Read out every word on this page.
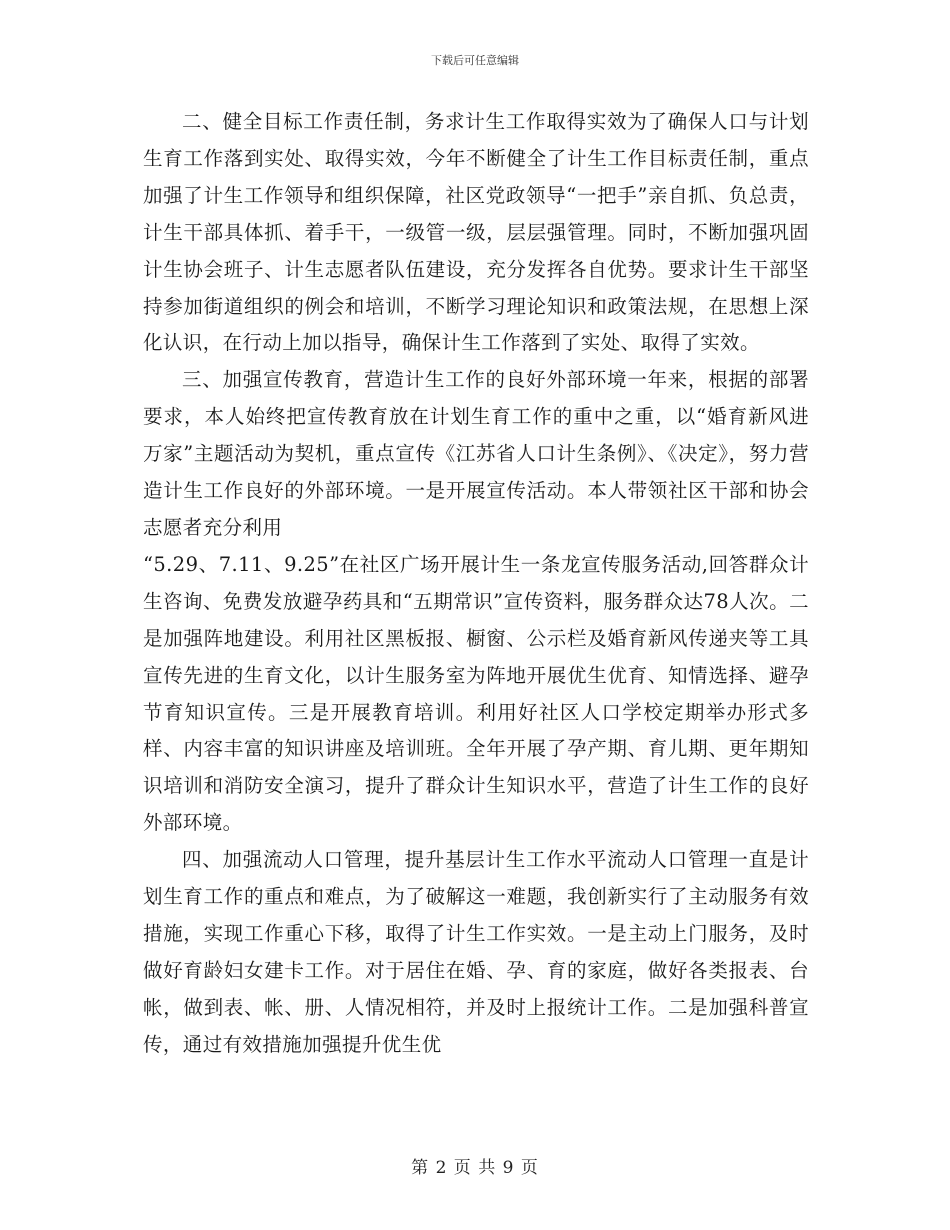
下载后可任意编辑

二、健全目标工作责任制，务求计生工作取得实效为了确保人口与计划生育工作落到实处、取得实效，今年不断健全了计生工作目标责任制，重点加强了计生工作领导和组织保障，社区党政领导“一把手”亲自抓、负总责，计生干部具体抓、着手干，一级管一级，层层强管理。同时，不断加强巩固计生协会班子、计生志愿者队伍建设，充分发挥各自优势。要求计生干部坚持参加街道组织的例会和培训，不断学习理论知识和政策法规，在思想上深化认识，在行动上加以指导，确保计生工作落到了实处、取得了实效。

三、加强宣传教育，营造计生工作的良好外部环境一年来，根据的部署要求，本人始终把宣传教育放在计划生育工作的重中之重，以“婚育新风进万家”主题活动为契机，重点宣传《江苏省人口计生条例》、《决定》，努力营造计生工作良好的外部环境。一是开展宣传活动。本人带领社区干部和协会志愿者充分利用

“5.29、7.11、9.25”在社区广场开展计生一条龙宣传服务活动,回答群众计生咨询、免费发放避孕药具和“五期常识”宣传资料，服务群众达78人次。二是加强阵地建设。利用社区黑板报、橱窗、公示栏及婚育新风传递夹等工具宣传先进的生育文化，以计生服务室为阵地开展优生优育、知情选择、避孕节育知识宣传。三是开展教育培训。利用好社区人口学校定期举办形式多样、内容丰富的知识讲座及培训班。全年开展了孕产期、育儿期、更年期知识培训和消防安全演习，提升了群众计生知识水平，营造了计生工作的良好外部环境。

四、加强流动人口管理，提升基层计生工作水平流动人口管理一直是计划生育工作的重点和难点，为了破解这一难题，我创新实行了主动服务有效措施，实现工作重心下移，取得了计生工作实效。一是主动上门服务，及时做好育龄妇女建卡工作。对于居住在婚、孕、育的家庭，做好各类报表、台帐，做到表、帐、册、人情况相符，并及时上报统计工作。二是加强科普宣传，通过有效措施加强提升优生优

第 2 页 共 9 页
